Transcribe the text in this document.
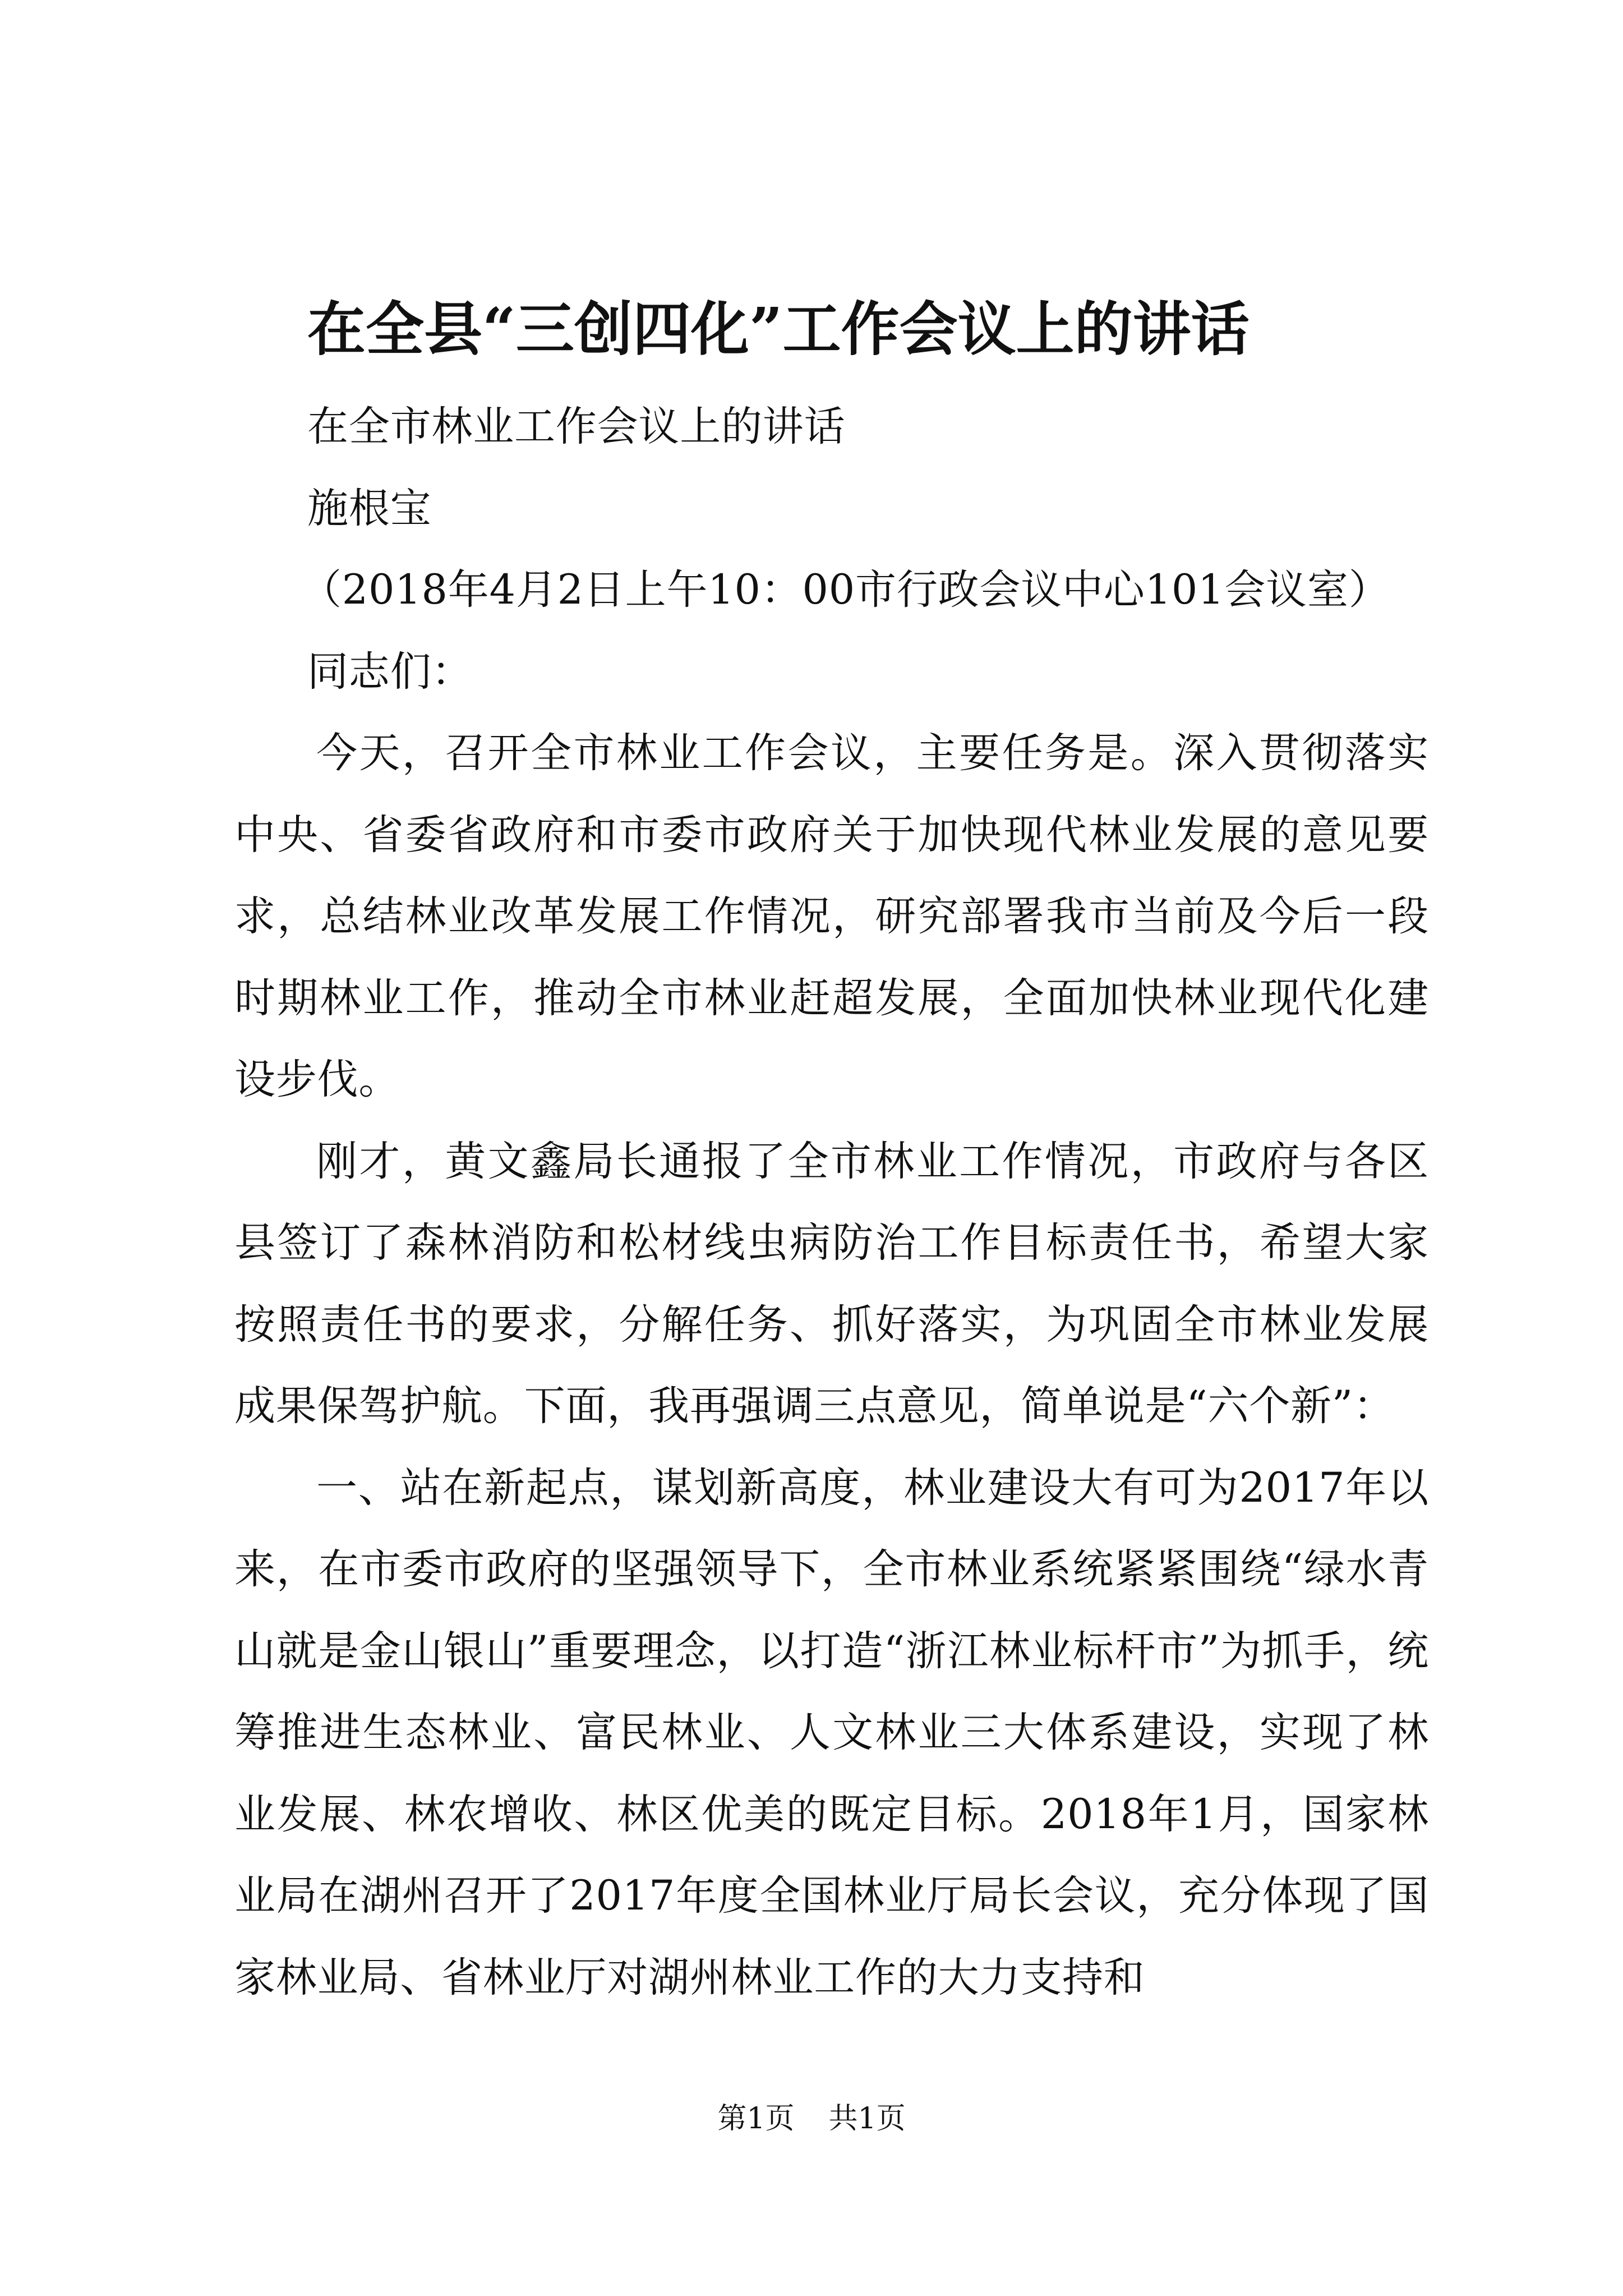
在全县“三创四化”工作会议上的讲话
在全市林业工作会议上的讲话
施根宝
（2018年4月2日上午10：00市行政会议中心101会议室）
同志们：

今天，召开全市林业工作会议，主要任务是。深入贯彻落实中央、省委省政府和市委市政府关于加快现代林业发展的意见要求，总结林业改革发展工作情况，研究部署我市当前及今后一段时期林业工作，推动全市林业赶超发展，全面加快林业现代化建设步伐。

刚才，黄文鑫局长通报了全市林业工作情况，市政府与各区县签订了森林消防和松材线虫病防治工作目标责任书，希望大家按照责任书的要求，分解任务、抓好落实，为巩固全市林业发展成果保驾护航。下面，我再强调三点意见，简单说是“六个新”：

一、站在新起点，谋划新高度，林业建设大有可为2017年以来，在市委市政府的坚强领导下，全市林业系统紧紧围绕“绿水青山就是金山银山”重要理念，以打造“浙江林业标杆市”为抓手，统筹推进生态林业、富民林业、人文林业三大体系建设，实现了林业发展、林农增收、林区优美的既定目标。2018年1月，国家林业局在湖州召开了2017年度全国林业厅局长会议，充分体现了国家林业局、省林业厅对湖州林业工作的大力支持和

第1页 共1页
